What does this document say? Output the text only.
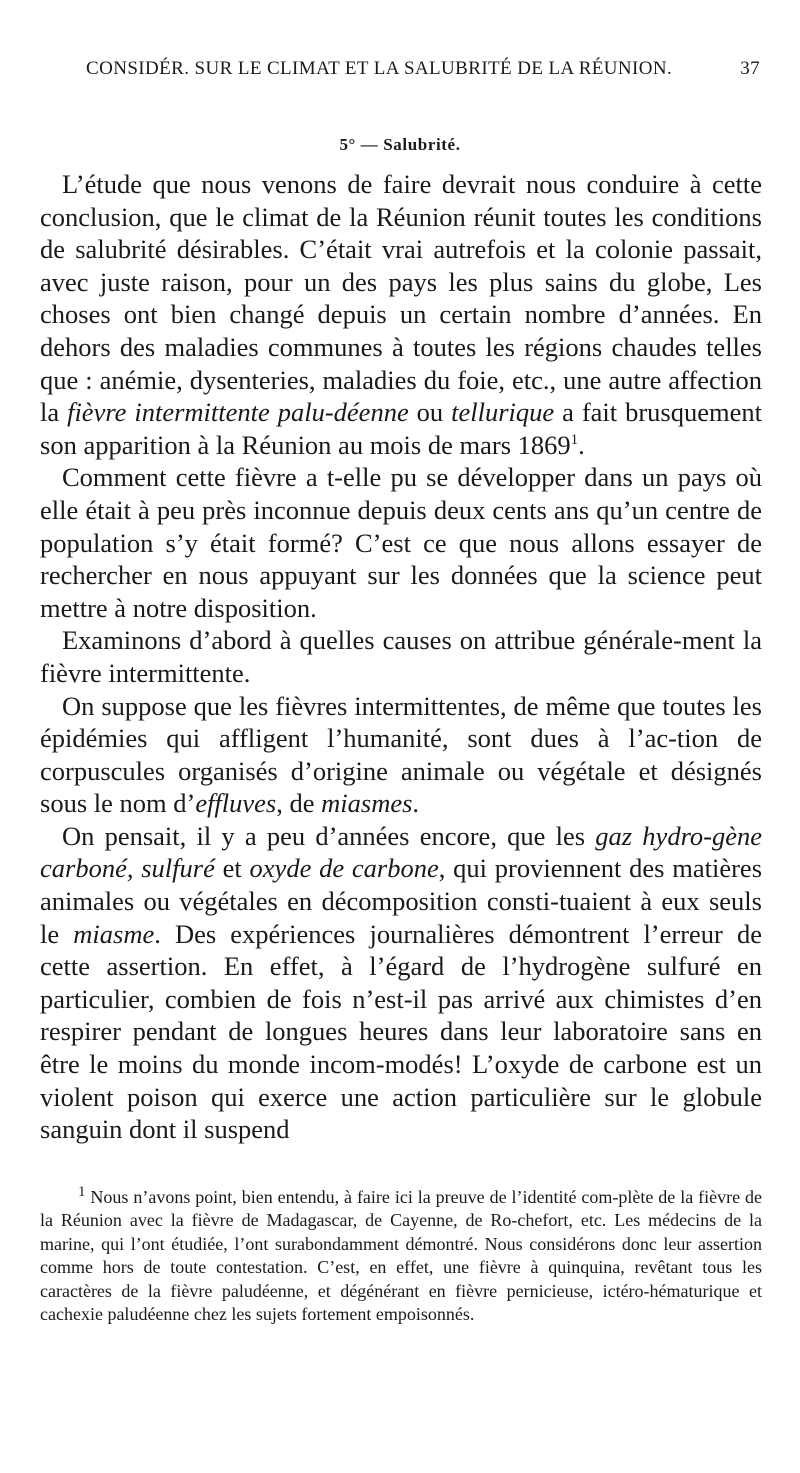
CONSIDÉR. SUR LE CLIMAT ET LA SALUBRITÉ DE LA RÉUNION.	37
5° — Salubrité.

L’étude que nous venons de faire devrait nous conduire à cette conclusion, que le climat de la Réunion réunit toutes les conditions de salubrité désirables. C’était vrai autrefois et la colonie passait, avec juste raison, pour un des pays les plus sains du globe, Les choses ont bien changé depuis un certain nombre d’années. En dehors des maladies communes à toutes les régions chaudes telles que : anémie, dysenteries, maladies du foie, etc., une autre affection la fièvre intermittente palu-déenne ou tellurique a fait brusquement son apparition à la Réunion au mois de mars 1869$^1$.

Comment cette fièvre a t-elle pu se développer dans un pays où elle était à peu près inconnue depuis deux cents ans qu’un centre de population s’y était formé? C’est ce que nous allons essayer de rechercher en nous appuyant sur les données que la science peut mettre à notre disposition.

Examinons d’abord à quelles causes on attribue générale-ment la fièvre intermittente.

On suppose que les fièvres intermittentes, de même que toutes les épidémies qui affligent l’humanité, sont dues à l’ac-tion de corpuscules organisés d’origine animale ou végétale et désignés sous le nom d’effluves, de miasmes.

On pensait, il y a peu d’années encore, que les gaz hydro-gène carboné, sulfuré et oxyde de carbone, qui proviennent des matières animales ou végétales en décomposition consti-tuaient à eux seuls le miasme. Des expériences journalières démontrent l’erreur de cette assertion. En effet, à l’égard de l’hydrogène sulfuré en particulier, combien de fois n’est-il pas arrivé aux chimistes d’en respirer pendant de longues heures dans leur laboratoire sans en être le moins du monde incom-modés! L’oxyde de carbone est un violent poison qui exerce une action particulière sur le globule sanguin dont il suspend

$^1$ Nous n’avons point, bien entendu, à faire ici la preuve de l’identité com-plète de la fièvre de la Réunion avec la fièvre de Madagascar, de Cayenne, de Ro-chefort, etc. Les médecins de la marine, qui l’ont étudiée, l’ont surabondamment démontré. Nous considérons donc leur assertion comme hors de toute contestation. C’est, en effet, une fièvre à quinquina, revêtant tous les caractères de la fièvre paludéenne, et dégénérant en fièvre pernicieuse, ictéro-hématurique et cachexie paludéenne chez les sujets fortement empoisonnés.
